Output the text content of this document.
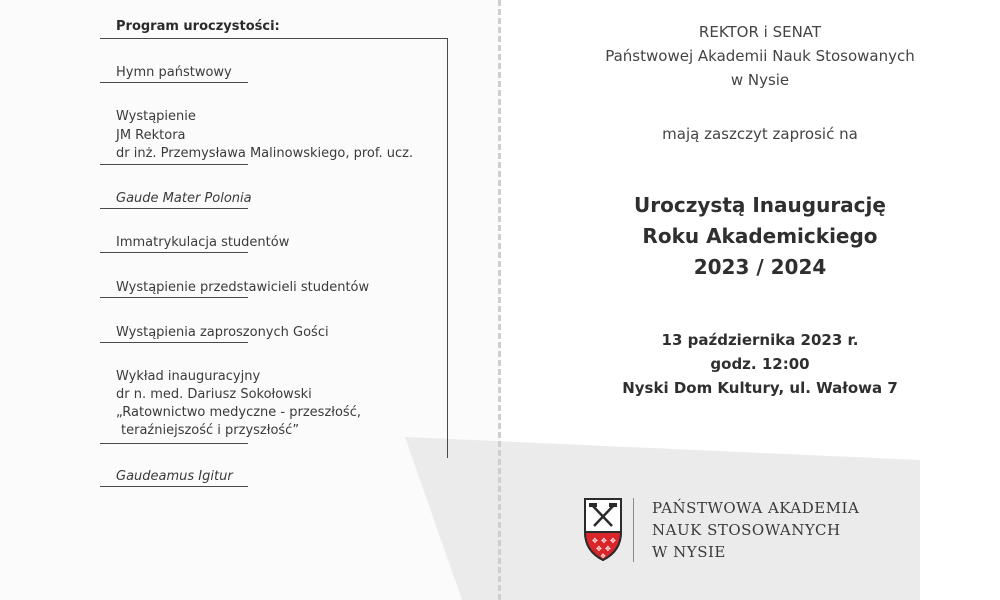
Program uroczystości:
Hymn państwowy
Wystąpienie
JM Rektora
dr inż. Przemysława Malinowskiego, prof. ucz.
Gaude Mater Polonia
Immatrykulacja studentów
Wystąpienie przedstawicieli studentów
Wystąpienia zaproszonych Gości
Wykład inauguracyjny
dr n. med. Dariusz Sokołowski
„Ratownictwo medyczne - przeszłość,
teraźniejszość i przyszłość”
Gaudeamus Igitur
REKTOR i SENAT
Państwowej Akademii Nauk Stosowanych
w Nysie
mają zaszczyt zaprosić na
Uroczystą Inaugurację
Roku Akademickiego
2023 / 2024
13 października 2023 r.
godz. 12:00
Nyski Dom Kultury, ul. Wałowa 7
✥ ✥ ✥
✥ ✥
✥
PAŃSTWOWA AKADEMIA
NAUK STOSOWANYCH
W NYSIE
